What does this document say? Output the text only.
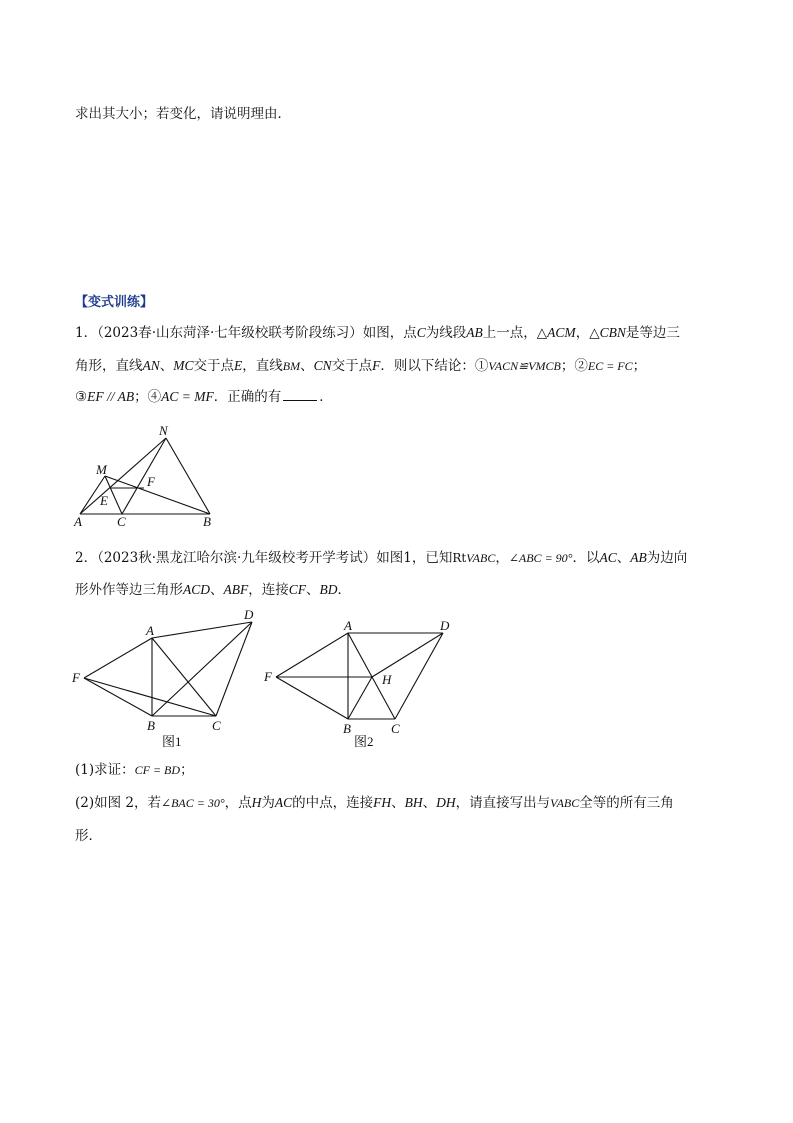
求出其大小；若变化，请说明理由．
【变式训练】
1．（2023春·山东菏泽·七年级校联考阶段练习）如图，点C为线段AB上一点，△ACM，△CBN是等边三
角形，直线AN、MC交于点E，直线BM、CN交于点F．则以下结论：①VACN≌VMCB；②EC = FC；
③EF // AB；④AC = MF．正确的有	．
N
M
F
E
A	C	B
2．（2023秋·黑龙江哈尔滨·九年级校考开学考试）如图1，已知RtVABC，∠ABC = 90°．以AC、AB为边向
形外作等边三角形ACD、ABF，连接CF、BD．
A
D
F
B	C
图1
A	D
F	H
B	C
图2
(1)求证：CF = BD；
(2)如图 2，若∠BAC = 30°，点H为AC的中点，连接FH、BH、DH，请直接写出与VABC全等的所有三角
形．
